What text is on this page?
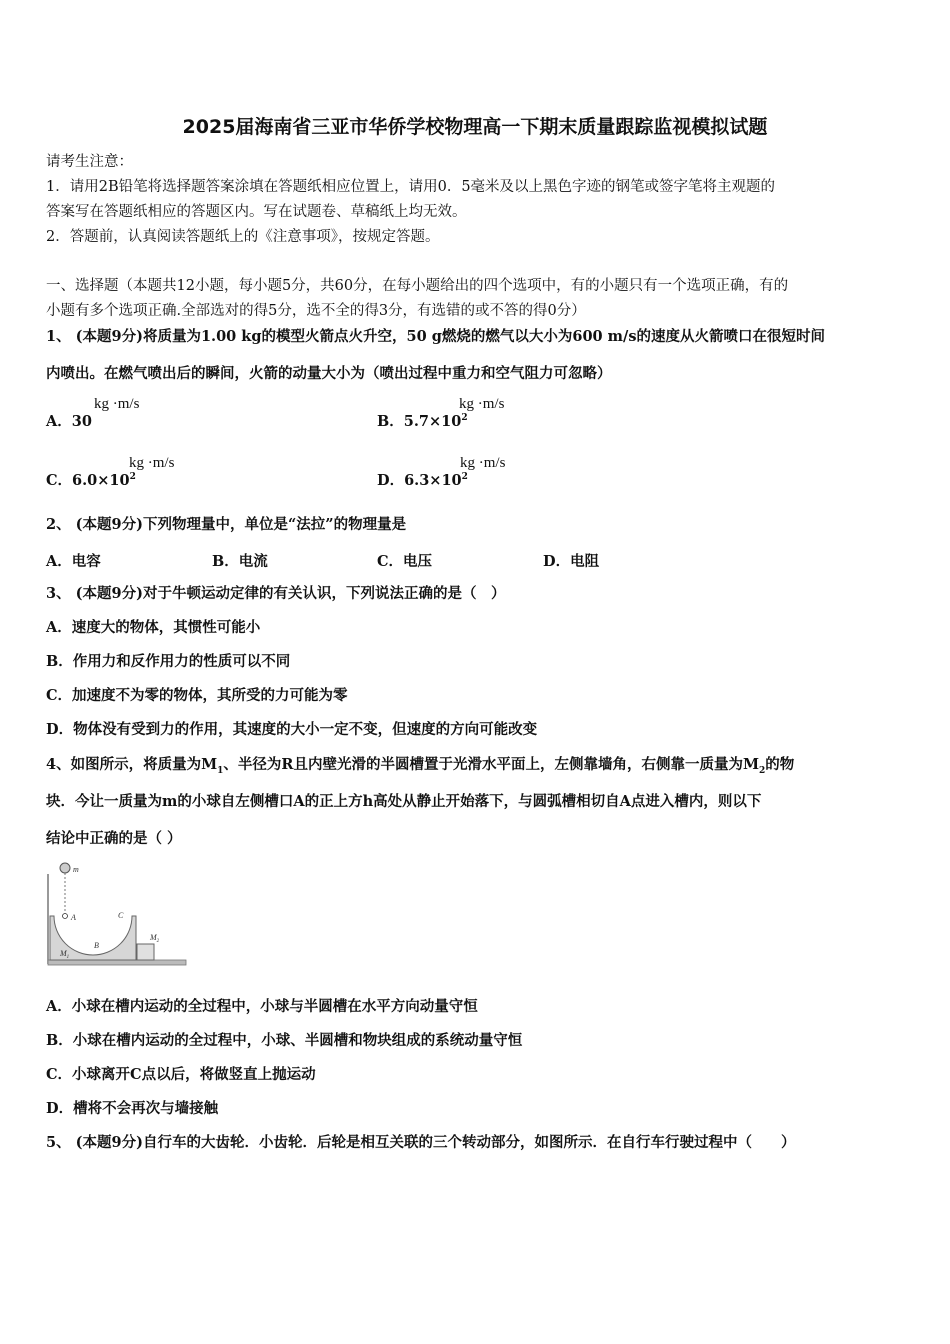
2025届海南省三亚市华侨学校物理高一下期末质量跟踪监视模拟试题
请考生注意：
1．请用2B铅笔将选择题答案涂填在答题纸相应位置上，请用0．5毫米及以上黑色字迹的钢笔或签字笔将主观题的
答案写在答题纸相应的答题区内。写在试题卷、草稿纸上均无效。
2．答题前，认真阅读答题纸上的《注意事项》，按规定答题。
一、选择题（本题共12小题，每小题5分，共60分，在每小题给出的四个选项中，有的小题只有一个选项正确，有的
小题有多个选项正确.全部选对的得5分，选不全的得3分，有选错的或不答的得0分）
1、 (本题9分)将质量为1.00 kg的模型火箭点火升空，50 g燃烧的燃气以大小为600 m/s的速度从火箭喷口在很短时间
内喷出。在燃气喷出后的瞬间，火箭的动量大小为（喷出过程中重力和空气阻力可忽略）
A．30
kg ·m/s
B．$5.7\times 10^2$
kg ·m/s
C．$6.0\times 10^2$
kg ·m/s
D．$6.3\times 10^2$
kg ·m/s
2、 (本题9分)下列物理量中，单位是“法拉”的物理量是
A．电容	B．电流	C．电压	D．电阻
3、 (本题9分)对于牛顿运动定律的有关认识，下列说法正确的是（　）
A．速度大的物体，其惯性可能小
B．作用力和反作用力的性质可以不同
C．加速度不为零的物体，其所受的力可能为零
D．物体没有受到力的作用，其速度的大小一定不变，但速度的方向可能改变
4、如图所示，将质量为$M_1$、半径为R且内壁光滑的半圆槽置于光滑水平面上，左侧靠墙角，右侧靠一质量为$M_2$的物
块．今让一质量为m的小球自左侧槽口A的正上方h高处从静止开始落下，与圆弧槽相切自A点进入槽内，则以下
结论中正确的是（ ）
m
A
B
C
$M_1$
$M_2$
A．小球在槽内运动的全过程中，小球与半圆槽在水平方向动量守恒
B．小球在槽内运动的全过程中，小球、半圆槽和物块组成的系统动量守恒
C．小球离开C点以后，将做竖直上抛运动
D．槽将不会再次与墙接触
5、 (本题9分)自行车的大齿轮．小齿轮．后轮是相互关联的三个转动部分，如图所示．在自行车行驶过程中（　　）
